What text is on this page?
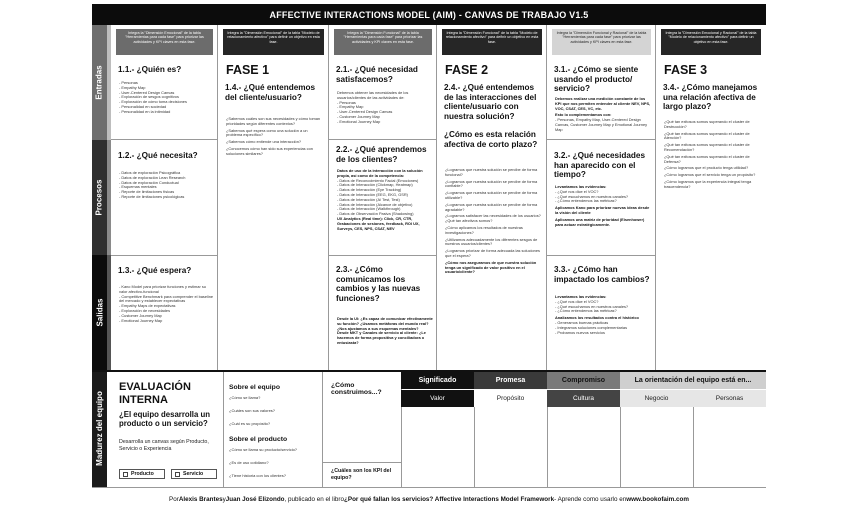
AFFECTIVE INTERACTIONS MODEL (AIM) - CANVAS DE TRABAJO V1.5
Entradas
Procesos
Salidas
Madurez del equipo
Integra la "Dimensión Emocional" de la tabla "Herramientas para cada fase" para priorizar las actividades y KPI claves en esta fase.
1.1.- ¿Quién es?
- Personas
- Empathy Map
- User-Centered Design Canvas
- Exploración de sesgos cognitivos
- Exploración de cómo toma decisiones
- Personalidad en sociedad
- Personalidad en la intimidad
1.2.- ¿Qué necesita?
- Datos de exploración Psicográfica
- Datos de exploración Lean Research
- Datos de exploración Conductual
- Esquemas mentales
- Reporte de limitaciones físicas
- Reporte de limitaciones psicológicas
1.3.- ¿Qué espera?
- Kano Model para priorizar funciones y estimar su valor afectivo-funcional
- Competitive Benchmark para comprender el baseline del mercado y establecer expectativas
- Empathy Maps de expectativas
- Exploración de necesidades
- Customer Journey Map
- Emotional Journey Map
Integra la "Dimensión Emocional" de la tabla "Modelo de relacionamiento afectivo" para definir un objetivo en esta fase.
FASE 1
1.4.- ¿Qué entendemos del cliente/usuario?
¿Sabemos cuáles son sus necesidades y cómo toman prioridades según diferentes contextos?

¿Sabemos qué espera como una solución a un problema específico?

¿Sabemos cómo entiende una interacción?

¿Conocemos cómo han sido sus experiencias con soluciones similares?
Integra la "Dimensión Funcional" de la tabla "Herramientas para cada fase" para priorizar las actividades y KPI claves en esta fase.
2.1.- ¿Qué necesidad satisfacemos?
Debemos obtener las necesidades de los usuarios/clientes de las actividades de:
- Personas
- Empathy Map
- User-Centered Design Canvas
- Customer Journey Map
- Emotional Journey Map
2.2.- ¿Qué aprendemos de los clientes?
Datos de uso de la interacción con la solución propia, así como de la competencia:
- Datos de Reconocimiento Facial (Emociones)
- Datos de Interacción (Clickmap, Heatmap)
- Datos de Interacción (Eye Tracking)
- Datos de Interacción (EEG, EKG, GSR)
- Datos de Interacción (A/ Test, Test)
- Datos de Interacción (Alcance de objetivo)
- Datos de Interacción (Walkthrough)
- Datos de Observación Pasiva (Shadowing)
UX Analytics (Real time): Click, CR, CTR, Grabaciones de sesiones, feedback, ROI UX, Surveys, CES, NPS, CSAT, NEV
2.3.- ¿Cómo comunicamos los cambios y las nuevas funciones?
Desde la UI: ¿Es capaz de comunicar efectivamente su función? ¿Usamos metáforas del mundo real? ¿Nos ajustamos a sus esquemas mentales?
Desde MKT y Canales de servicio al cliente: ¿Le hacemos de forma propositiva y conciliadora o entusiasta?
Integra la "Dimensión Funcional" de la tabla "Modelo de relacionamiento afectivo" para definir un objetivo en esta fase.
FASE 2
2.4.- ¿Qué entendemos de las interacciones del cliente/usuario con nuestra solución?
¿Cómo es esta relación afectiva de corto plazo?
¿Logramos que nuestra solución se percibe de forma funcional?

¿Logramos que nuestra solución se percibe de forma confiable?

¿Logramos que nuestra solución se percibe de forma utilizable?

¿Logramos que nuestra solución se percibe de forma agradable?

¿Logramos satisfacer las necesidades de los usuarios? ¿Qué tan afectivos somos?

¿Cómo aplicamos los resultados de nuestras investigaciones?

¿Utilizamos adecuadamente los diferentes sesgos de nuestros usuarios/clientes?

¿Logramos priorizar de forma adecuada las soluciones que el espera?

¿Cómo nos aseguramos de que nuestra solución tenga un significado de valor positivo en el usuario/cliente?
Integra la "Dimensión Funcional y Racional" de la tabla "Herramientas para cada fase" para priorizar las actividades y KPI claves en esta fase.
3.1.- ¿Cómo se siente usando el producto/ servicio?
Debemos realizar una medición constante de los KPI que nos permiten entender al cliente NEV, NPS, VOC, CSAT, CES, VC, etc.

Esto lo complementamos con:
- Personas, Empathy Map, User-Centered Design Canvas, Customer Journey Map y Emotional Journey Map
3.2.- ¿Qué necesidades han aparecido con el tiempo?
Levantamos las evidencias:
- ¿Qué nos dice el VOC?
- ¿Qué escuchamos en nuestros canales?
- ¿Cómo entendemos las métricas?

Aplicamos Kano para priorizar nuevas ideas desde la visión del cliente

Aplicamos una matriz de prioridad (Eisenhower) para actuar estratégicamente.
3.3.- ¿Cómo han impactado los cambios?
Levantamos las evidencias:
- ¿Qué nos dice el VOC?
- ¿Qué escuchamos en nuestros canales?
- ¿Cómo entendemos las métricas?

Analizamos los resultados contra el histórico
- Generamos buenas prácticas
- Integramos soluciones complementarias
- Probamos nuevos servicios
Integra la "Dimensión Emocional y Racional" de la tabla "Modelo de relacionamiento afectivo" para definir un objetivo en esta fase.
FASE 3
3.4.- ¿Cómo manejamos una relación afectiva de largo plazo?
¿Qué tan exitosos somos superando el cluster de Destrucción?

¿Qué tan exitosos somos superando el cluster de Atención?

¿Qué tan exitosos somos superando el cluster de Recomendación?

¿Qué tan exitosos somos superando el cluster de Defensa?

¿Cómo logramos que el producto tenga utilidad?

¿Cómo logramos que el servicio tenga un propósito?

¿Cómo logramos que la experiencia integral tenga trascendencia?
EVALUACIÓN INTERNA
¿El equipo desarrolla un producto o un servicio?
Desarrolla un canvas según Producto, Servicio o Experiencia
Producto	Servicio
Sobre el equipo
¿Cómo se llama?
¿Cuáles son sus valores?
¿Cuál es su propósito?
Sobre el producto
¿Cómo se llama su producto/servicio?
¿Es de uso cotidiano?
¿Tiene historia con los clientes?
¿Cómo construimos...?
¿Cuáles son los KPI del equipo?
Significado	Promesa	Compromiso	La orientación del equipo está en...
Valor	Propósito	Cultura	Negocio	Personas
Por Alexis Brantes y Juan José Elizondo , publicado en el libro ¿Por qué fallan los servicios? Affective Interactions Model Framework - Aprende como usarlo en www.bookofaim.com
